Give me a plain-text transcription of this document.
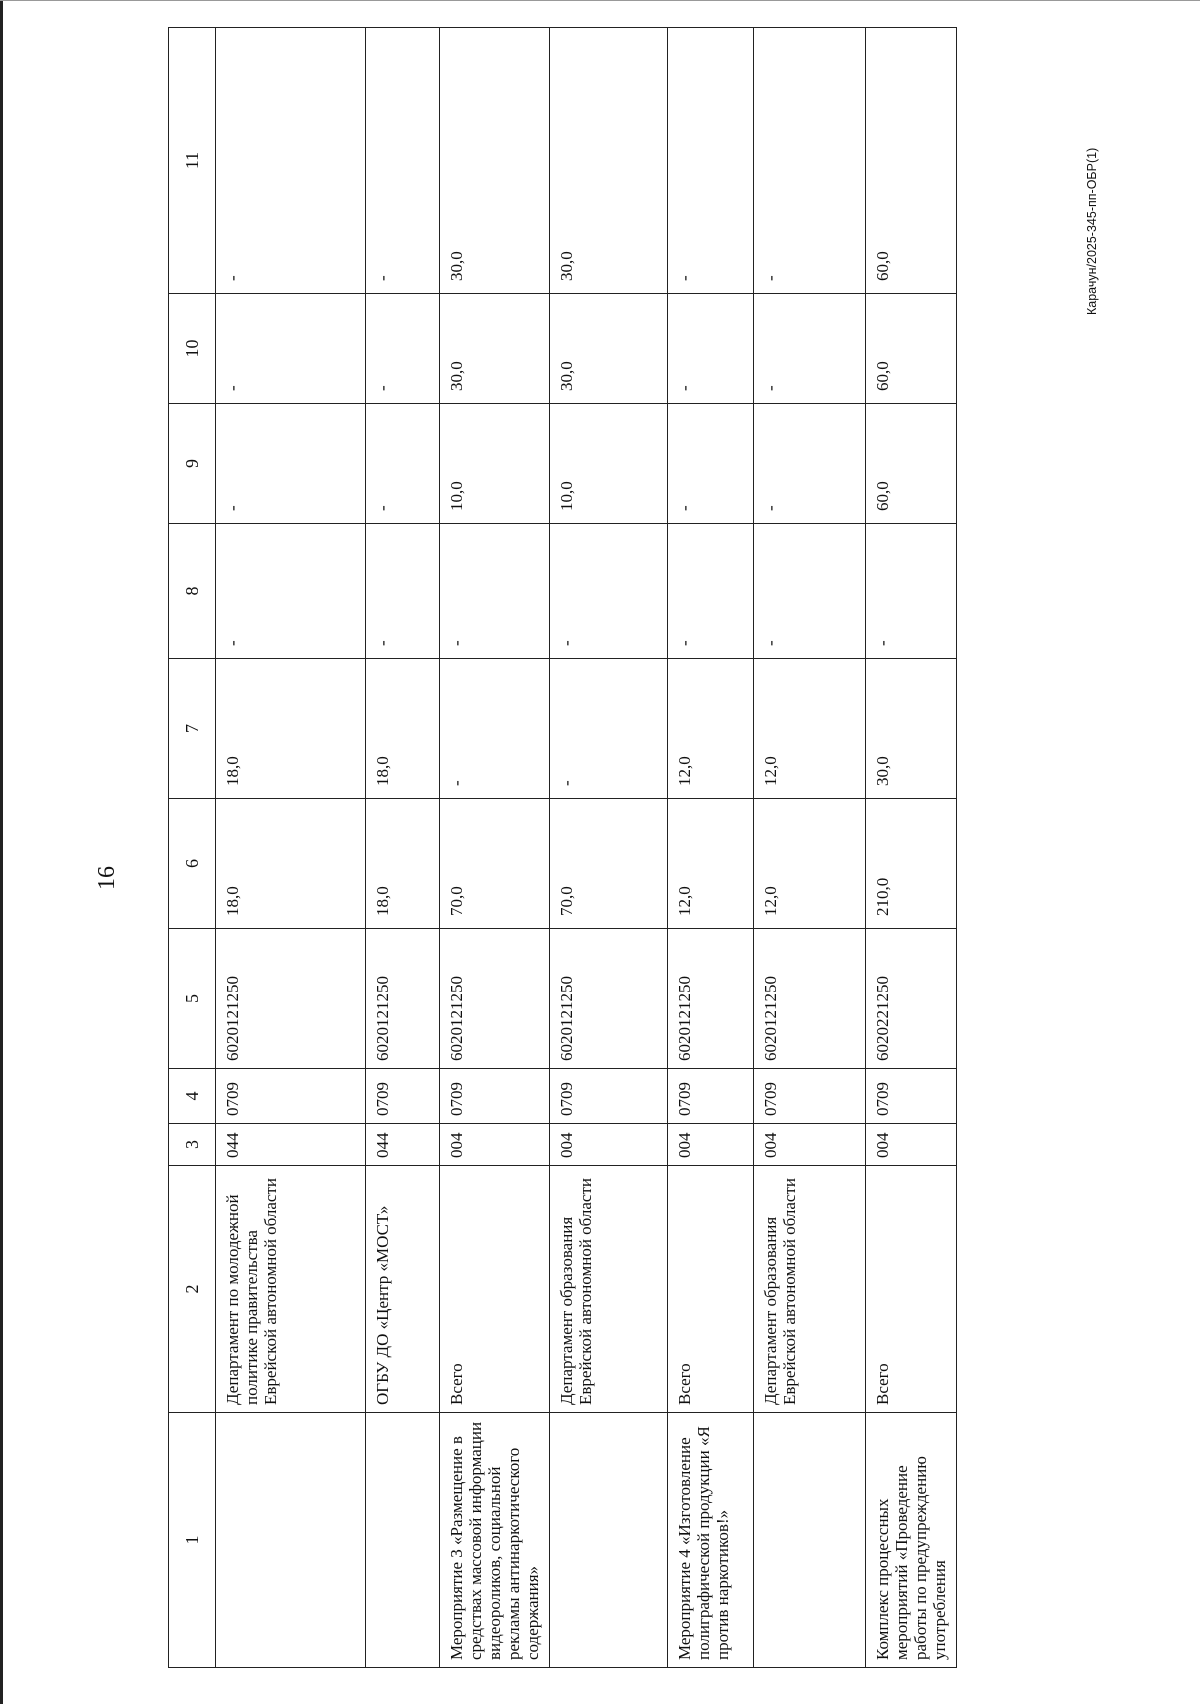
16
1	2	3	4	5	6	7	8	9	10	11
	Департамент по молодежной политике правительства Еврейской автономной области	044	0709	6020121250	18,0	18,0	-	-	-	-
	ОГБУ ДО «Центр «МОСТ»	044	0709	6020121250	18,0	18,0	-	-	-	-
Мероприятие 3 «Размещение в средствах массовой информации видеороликов, социальной рекламы антинаркотического содержания»	Всего	004	0709	6020121250	70,0	-	-	10,0	30,0	30,0
	Департамент образования Еврейской автономной области	004	0709	6020121250	70,0	-	-	10,0	30,0	30,0
Мероприятие 4 «Изготовление полиграфической продукции «Я против наркотиков!»	Всего	004	0709	6020121250	12,0	12,0	-	-	-	-
	Департамент образования Еврейской автономной области	004	0709	6020121250	12,0	12,0	-	-	-	-
Комплекс процессных мероприятий «Проведение работы по предупреждению употребления	Всего	004	0709	6020221250	210,0	30,0	-	60,0	60,0	60,0	Карачун/2025-345-пп-ОБР(1)
